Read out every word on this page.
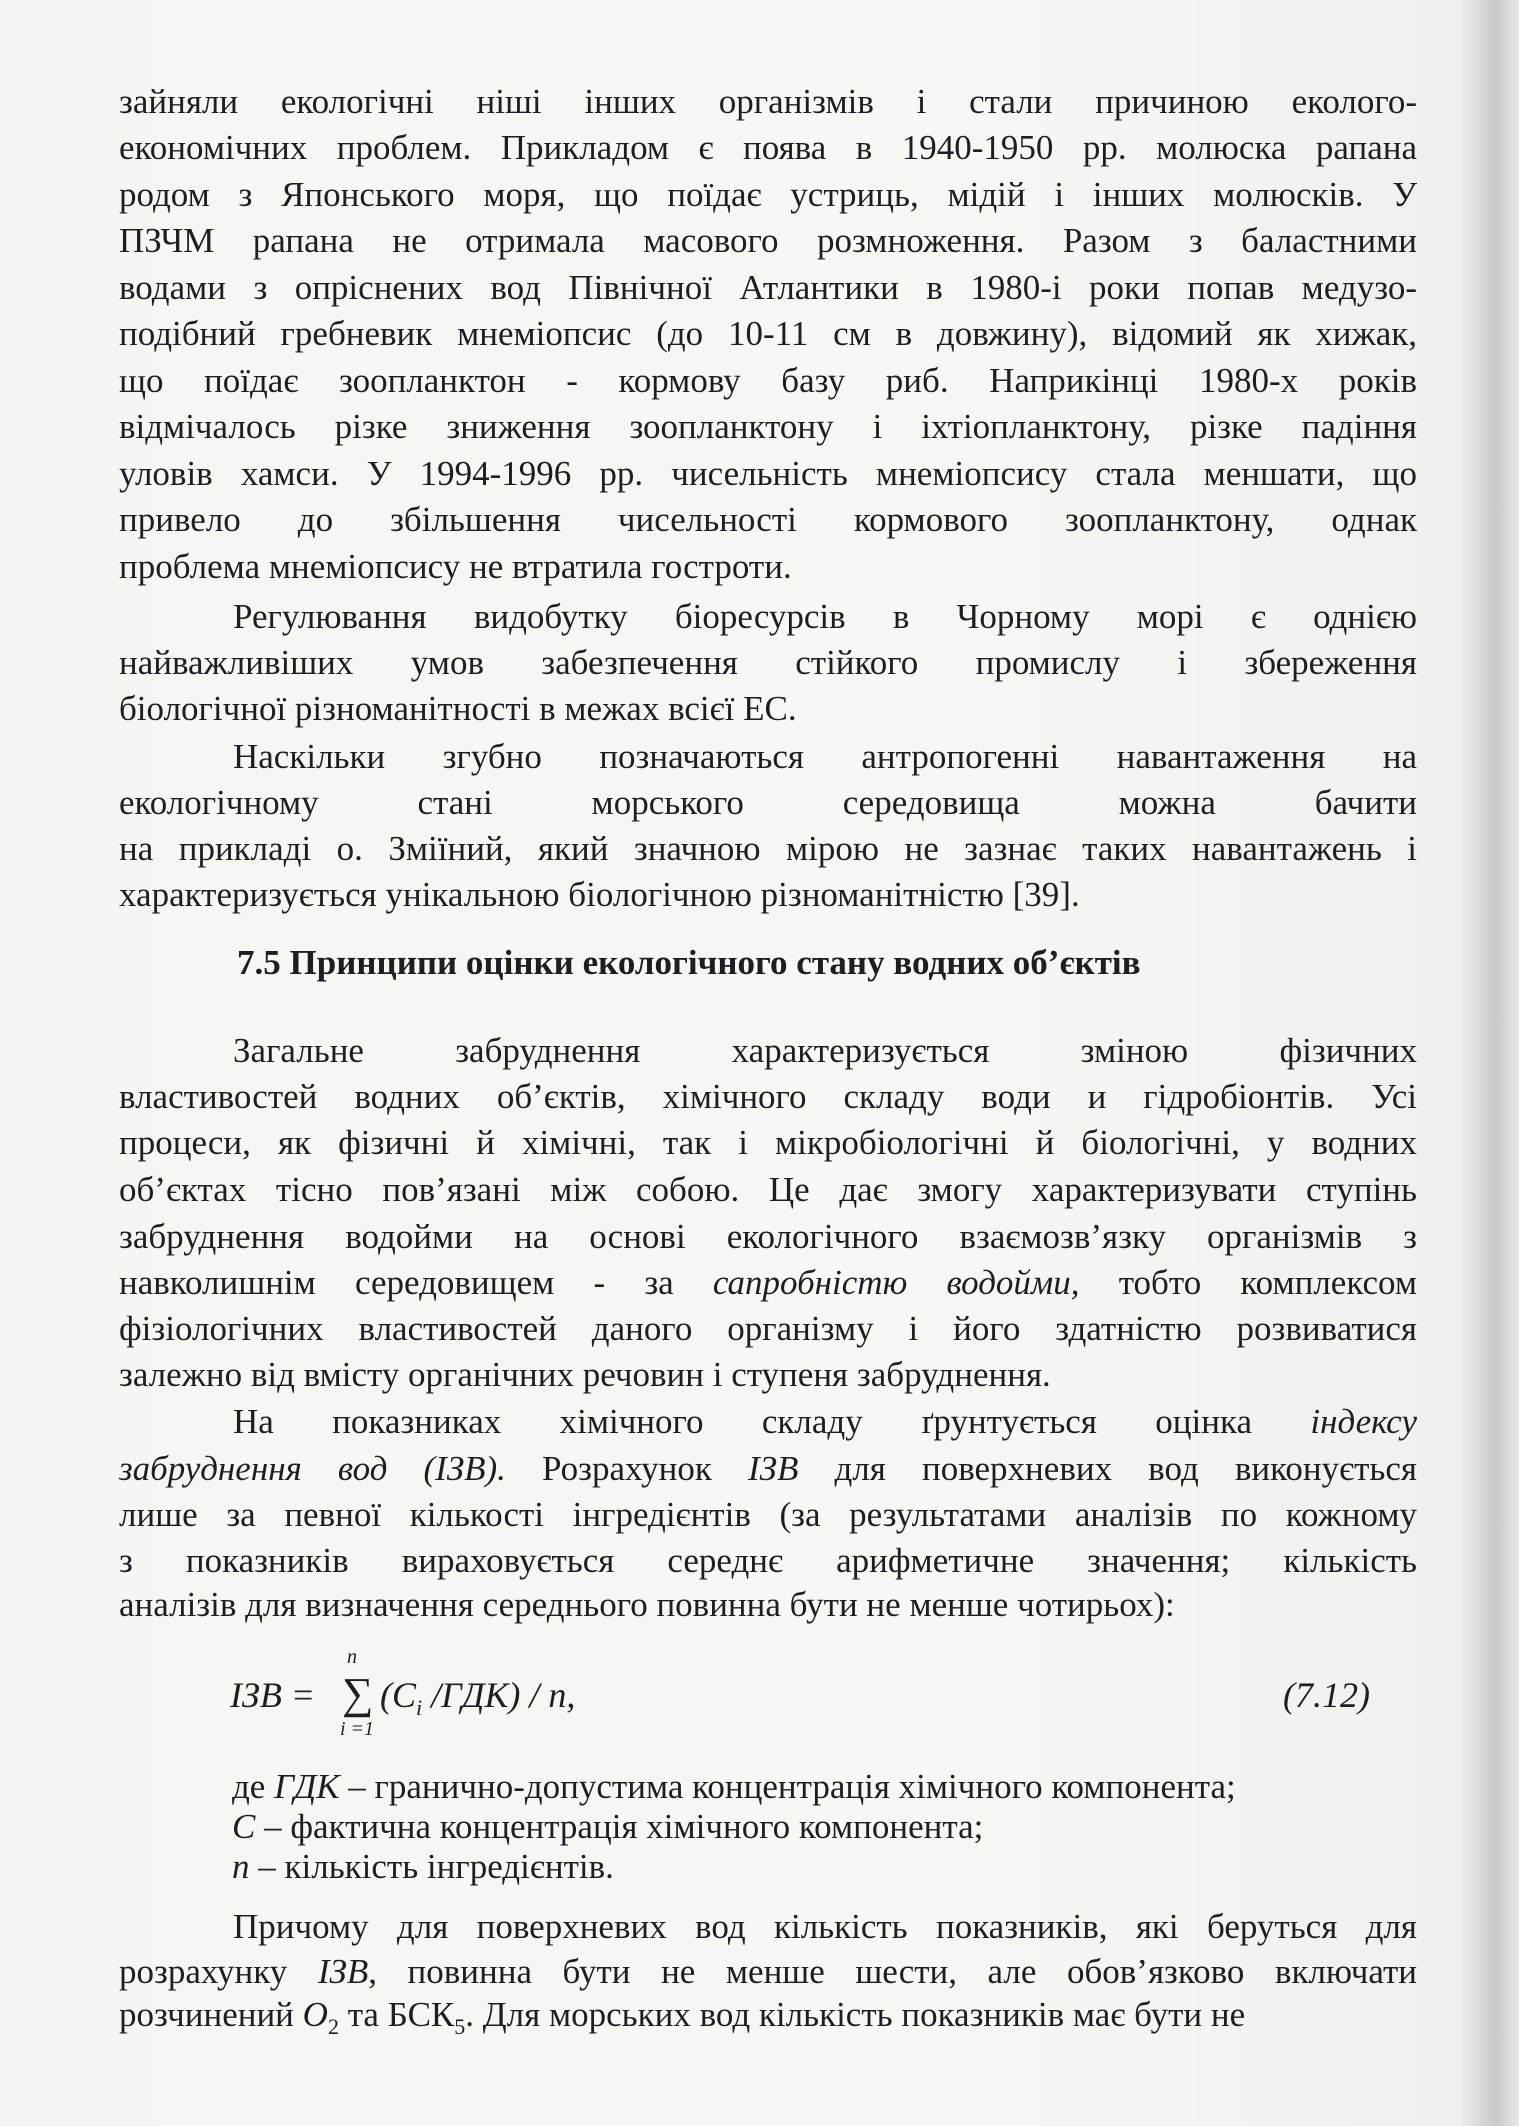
зайняли екологічні ніші інших організмів і стали причиною еколого-
економічних проблем. Прикладом є поява в 1940-1950 рр. молюска рапана
родом з Японського моря, що поїдає устриць, мідій і інших молюсків. У
ПЗЧМ рапана не отримала масового розмноження. Разом з баластними
водами з опріснених вод Північної Атлантики в 1980-і роки попав медузо-
подібний гребневик мнеміопсис (до 10-11 см в довжину), відомий як хижак,
що поїдає зоопланктон - кормову базу риб. Наприкінці 1980-х років
відмічалось різке зниження зоопланктону і іхтіопланктону, різке падіння
уловів хамси. У 1994-1996 рр. чисельність мнеміопсису стала меншати, що
привело до збільшення чисельності кормового зоопланктону, однак
проблема мнеміопсису не втратила гостроти.
Регулювання видобутку біоресурсів в Чорному морі є однією
найважливіших умов забезпечення стійкого промислу і збереження
біологічної різноманітності в межах всієї ЕС.
Наскільки згубно позначаються антропогенні навантаження на
екологічному стані морського середовища можна бачити
на прикладі о. Зміїний, який значною мірою не зазнає таких навантажень і
характеризується унікальною біологічною різноманітністю [39].
7.5 Принципи оцінки екологічного стану водних об’єктів
Загальне забруднення характеризується зміною фізичних
властивостей водних об’єктів, хімічного складу води и гідробіонтів. Усі
процеси, як фізичні й хімічні, так і мікробіологічні й біологічні, у водних
об’єктах тісно пов’язані між собою. Це дає змогу характеризувати ступінь
забруднення водойми на основі екологічного взаємозв’язку організмів з
навколишнім середовищем - за сапробністю водойми, тобто комплексом
фізіологічних властивостей даного організму і його здатністю розвиватися
залежно від вмісту органічних речовин і ступеня забруднення.
На показниках хімічного складу ґрунтується оцінка індексу
забруднення вод (ІЗВ). Розрахунок ІЗВ для поверхневих вод виконується
лише за певної кількості інгредієнтів (за результатами аналізів по кожному
з показників вираховується середнє арифметичне значення; кількість
аналізів для визначення середнього повинна бути не менше чотирьох):
де ГДК – гранично-допустима концентрація хімічного компонента;
С – фактична концентрація хімічного компонента;
n – кількість інгредієнтів.
Причому для поверхневих вод кількість показників, які беруться для
розрахунку ІЗВ, повинна бути не менше шести, але обов’язково включати
розчинений $O_2$ та $БСК_5$. Для морських вод кількість показників має бути не
ІЗВ =
n
∑
i =1
($C_i$ /ГДК) / n,	(7.12)
